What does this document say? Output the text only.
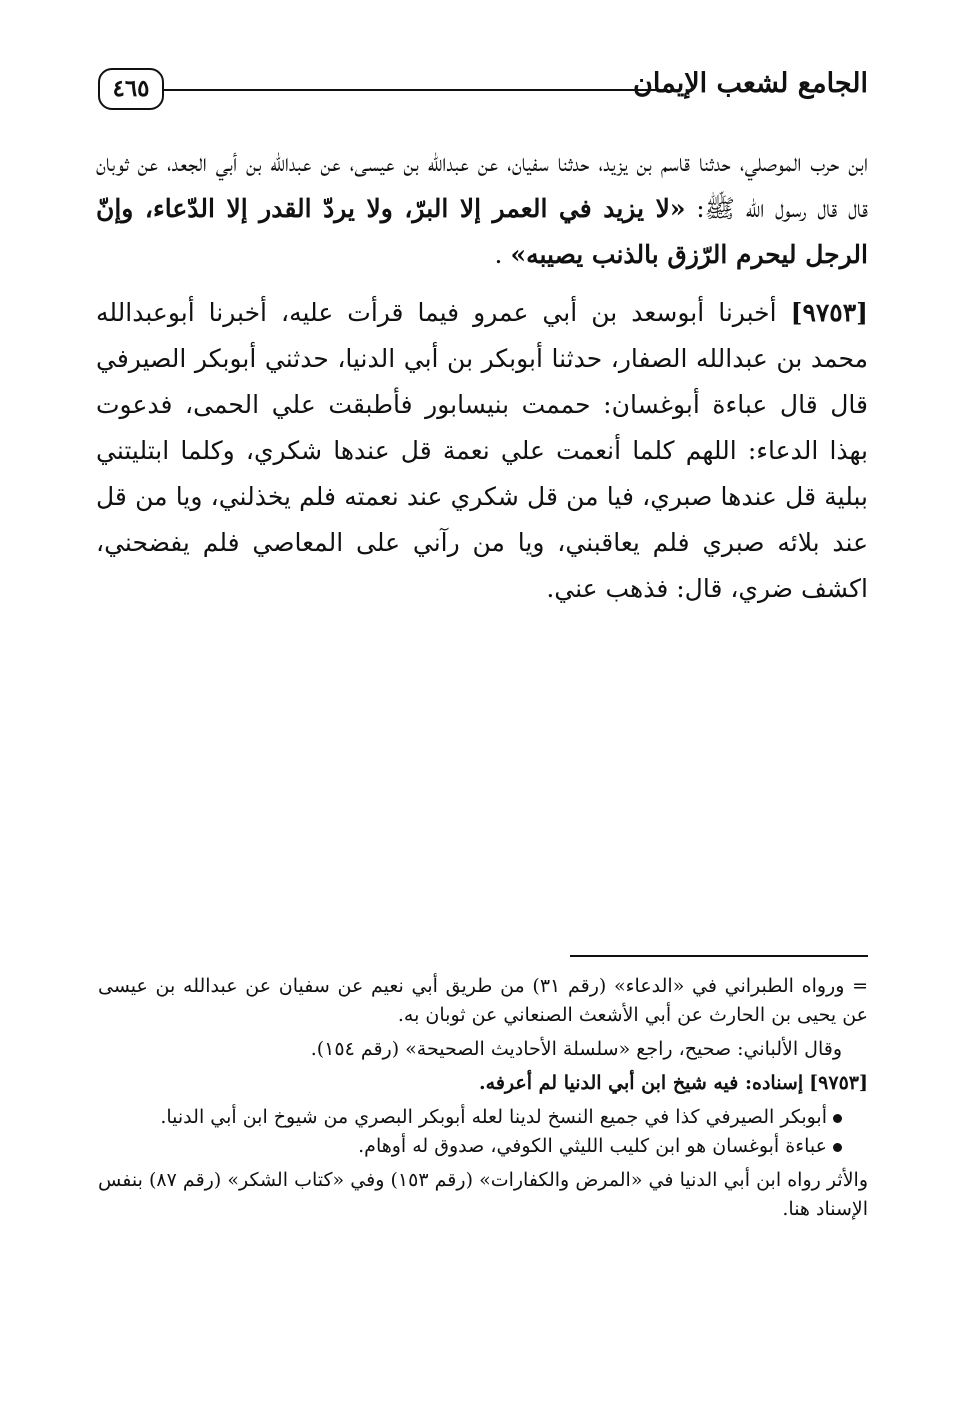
الجامع لشعب الإيمان
٤٦٥

ابن حرب الموصلي، حدثنا قاسم بن يزيد، حدثنا سفيان، عن عبدالله بن عيسى، عن عبدالله بن أبي الجعد، عن ثوبان قال قال رسول الله ﷺ: «لا يزيد في العمر إلا البرّ، ولا يردّ القدر إلا الدّعاء، وإنّ الرجل ليحرم الرّزق بالذنب يصيبه» .

[٩٧٥٣] أخبرنا أبوسعد بن أبي عمرو فيما قرأت عليه، أخبرنا أبوعبدالله محمد بن عبدالله الصفار، حدثنا أبوبكر بن أبي الدنيا، حدثني أبوبكر الصيرفي قال قال عباءة أبوغسان: حممت بنيسابور فأطبقت علي الحمى، فدعوت بهذا الدعاء: اللهم كلما أنعمت علي نعمة قل عندها شكري، وكلما ابتليتني ببلية قل عندها صبري، فيا من قل شكري عند نعمته فلم يخذلني، ويا من قل عند بلائه صبري فلم يعاقبني، ويا من رآني على المعاصي فلم يفضحني، اكشف ضري، قال: فذهب عني.

= ورواه الطبراني في «الدعاء» (رقم ٣١) من طريق أبي نعيم عن سفيان عن عبدالله بن عيسى عن يحيى بن الحارث عن أبي الأشعث الصنعاني عن ثوبان به.

وقال الألباني: صحيح، راجع «سلسلة الأحاديث الصحيحة» (رقم ١٥٤).

[٩٧٥٣] إسناده: فيه شيخ ابن أبي الدنيا لم أعرفه.

أبوبكر الصيرفي كذا في جميع النسخ لدينا لعله أبوبكر البصري من شيوخ ابن أبي الدنيا.

عباءة أبوغسان هو ابن كليب الليثي الكوفي، صدوق له أوهام.

والأثر رواه ابن أبي الدنيا في «المرض والكفارات» (رقم ١٥٣) وفي «كتاب الشكر» (رقم ٨٧) بنفس الإسناد هنا.
